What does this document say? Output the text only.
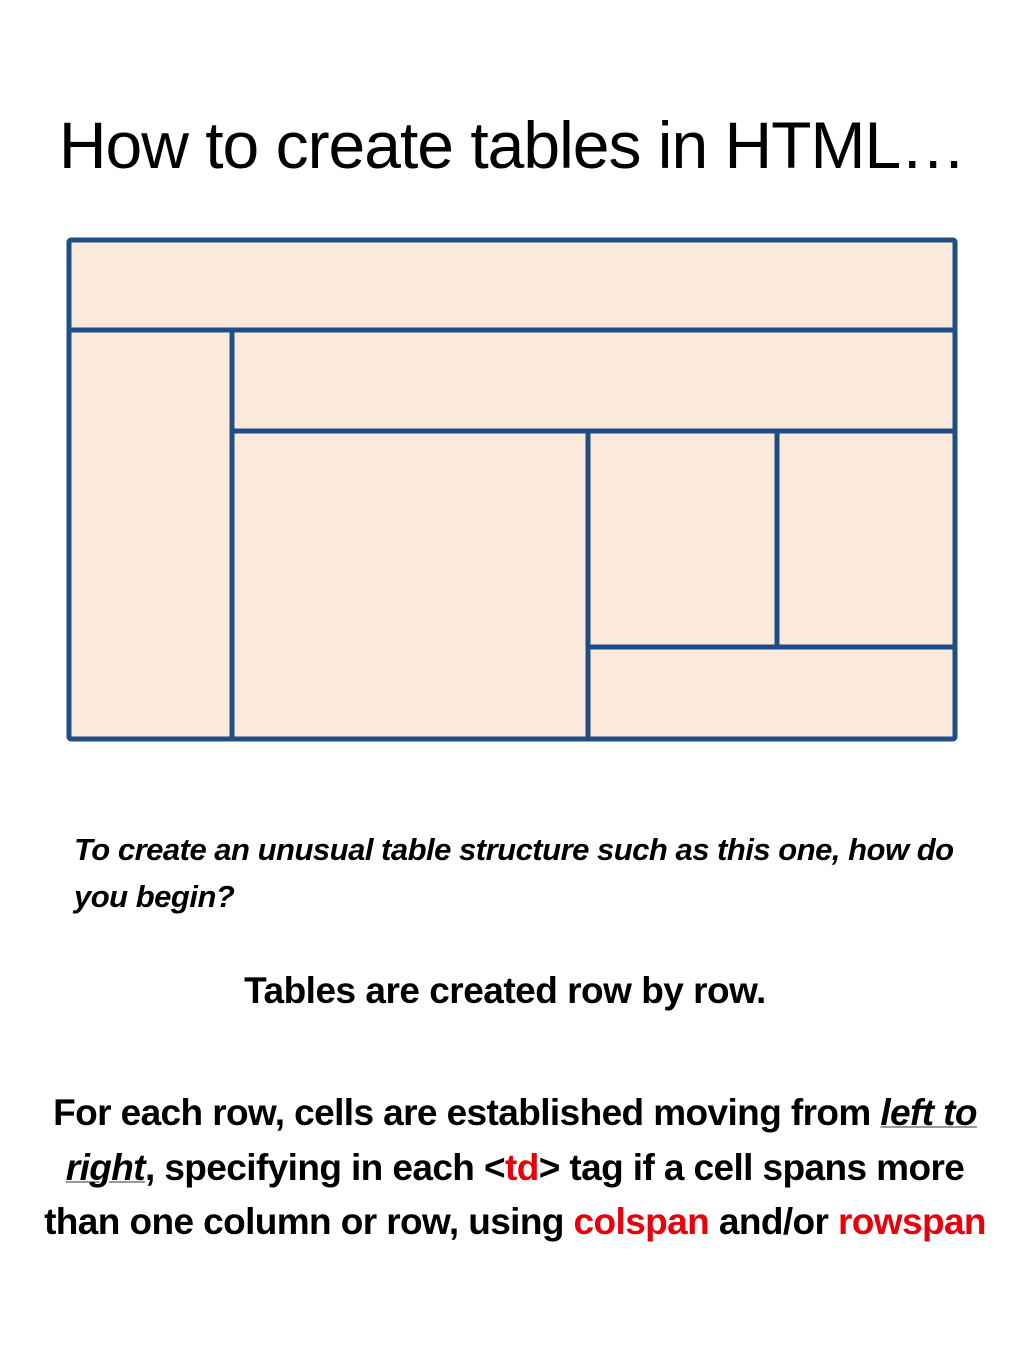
How to create tables in HTML…
To create an unusual table structure such as this one, how do you begin?
Tables are created row by row.
For each row, cells are established moving from left to right, specifying in each <td> tag if a cell spans more than one column or row, using colspan and/or rowspan
